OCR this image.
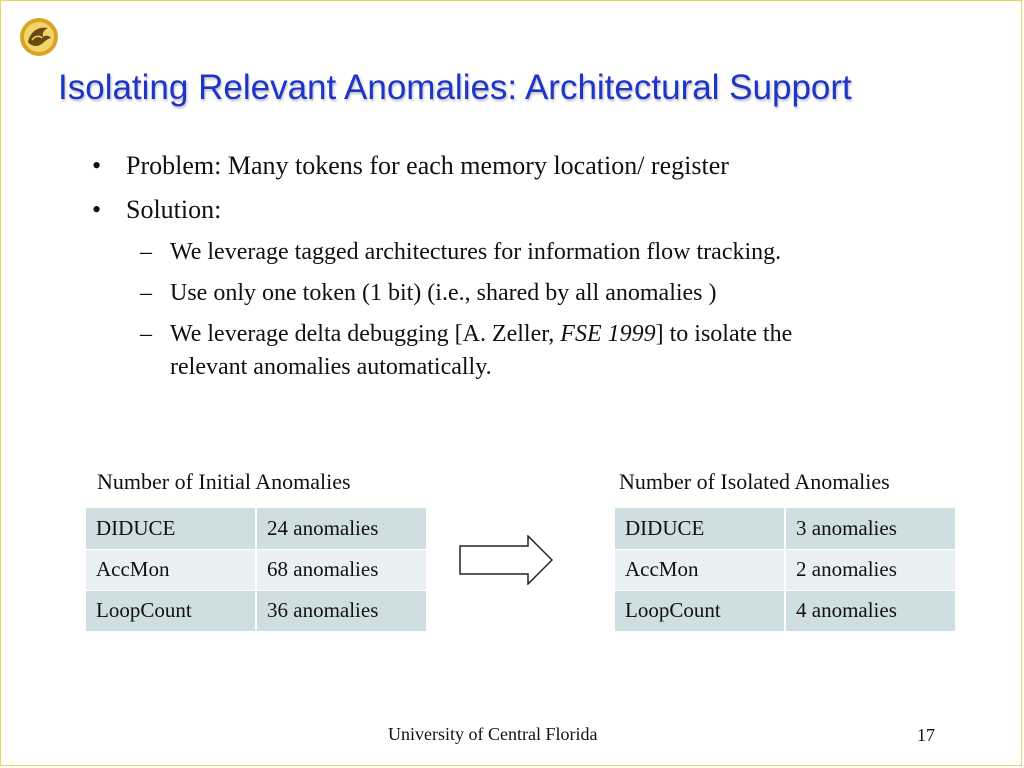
Isolating Relevant Anomalies: Architectural Support
• Problem: Many tokens for each memory location/ register
• Solution:
– We leverage tagged architectures for information flow tracking.
– Use only one token (1 bit) (i.e., shared by all anomalies )
– We leverage delta debugging [A. Zeller, FSE 1999] to isolate the relevant anomalies automatically.
Number of Initial Anomalies	Number of Isolated Anomalies
DIDUCE	24 anomalies
AccMon	68 anomalies
LoopCount	36 anomalies
DIDUCE	3 anomalies
AccMon	2 anomalies
LoopCount	4 anomalies
University of Central Florida	17
